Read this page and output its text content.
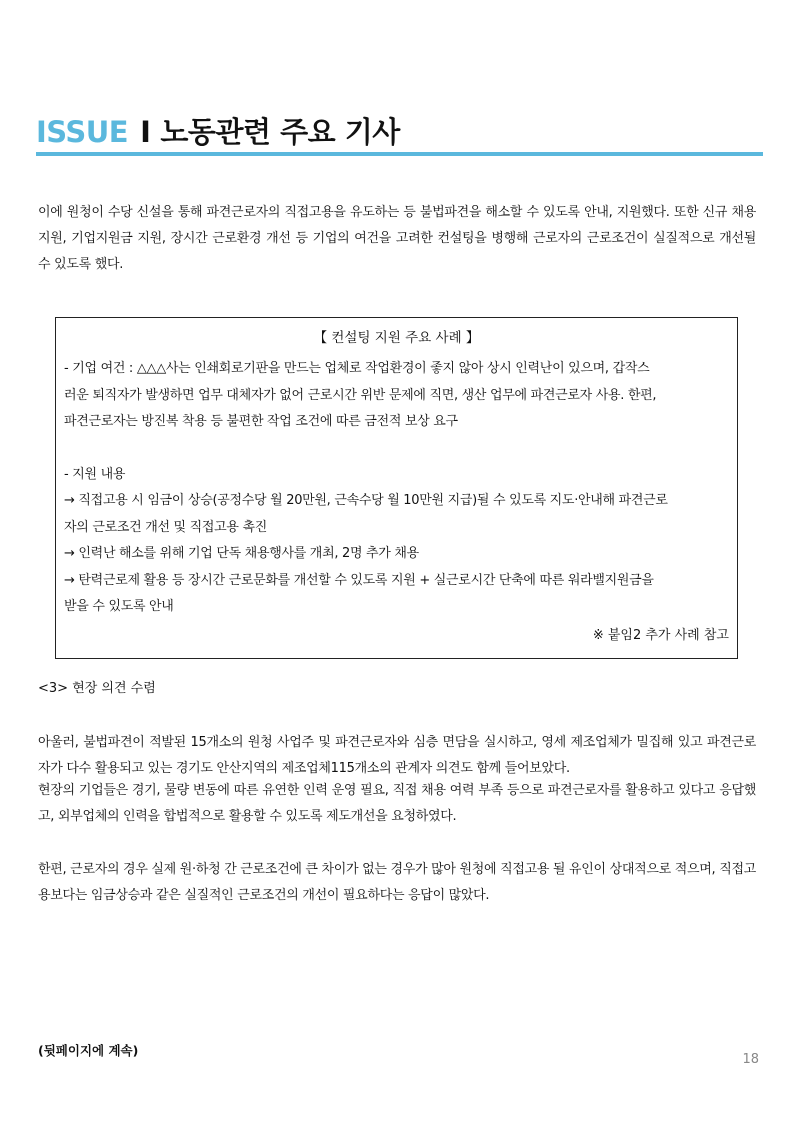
ISSUE I 노동관련 주요 기사

이에 원청이 수당 신설을 통해 파견근로자의 직접고용을 유도하는 등 불법파견을 해소할 수 있도록 안내, 지원했다. 또한 신규 채용지원, 기업지원금 지원, 장시간 근로환경 개선 등 기업의 여건을 고려한 컨설팅을 병행해 근로자의 근로조건이 실질적으로 개선될 수 있도록 했다.

【 컨설팅 지원 주요 사례 】

- 기업 여건 : △△△사는 인쇄회로기판을 만드는 업체로 작업환경이 좋지 않아 상시 인력난이 있으며, 갑작스

러운 퇴직자가 발생하면 업무 대체자가 없어 근로시간 위반 문제에 직면, 생산 업무에 파견근로자 사용. 한편,

파견근로자는 방진복 착용 등 불편한 작업 조건에 따른 금전적 보상 요구

- 지원 내용

→ 직접고용 시 임금이 상승(공정수당 월 20만원, 근속수당 월 10만원 지급)될 수 있도록 지도·안내해 파견근로

자의 근로조건 개선 및 직접고용 촉진

→ 인력난 해소를 위해 기업 단독 채용행사를 개최, 2명 추가 채용

→ 탄력근로제 활용 등 장시간 근로문화를 개선할 수 있도록 지원 + 실근로시간 단축에 따른 워라밸지원금을

받을 수 있도록 안내

※ 붙임2 추가 사례 참고

<3> 현장 의견 수렴

아울러, 불법파견이 적발된 15개소의 원청 사업주 및 파견근로자와 심층 면담을 실시하고, 영세 제조업체가 밀집해 있고 파견근로자가 다수 활용되고 있는 경기도 안산지역의 제조업체115개소의 관계자 의견도 함께 들어보았다.

현장의 기업들은 경기, 물량 변동에 따른 유연한 인력 운영 필요, 직접 채용 여력 부족 등으로 파견근로자를 활용하고 있다고 응답했고, 외부업체의 인력을 합법적으로 활용할 수 있도록 제도개선을 요청하였다.

한편, 근로자의 경우 실제 원·하청 간 근로조건에 큰 차이가 없는 경우가 많아 원청에 직접고용 될 유인이 상대적으로 적으며, 직접고용보다는 임금상승과 같은 실질적인 근로조건의 개선이 필요하다는 응답이 많았다.

(뒷페이지에 계속)

18
